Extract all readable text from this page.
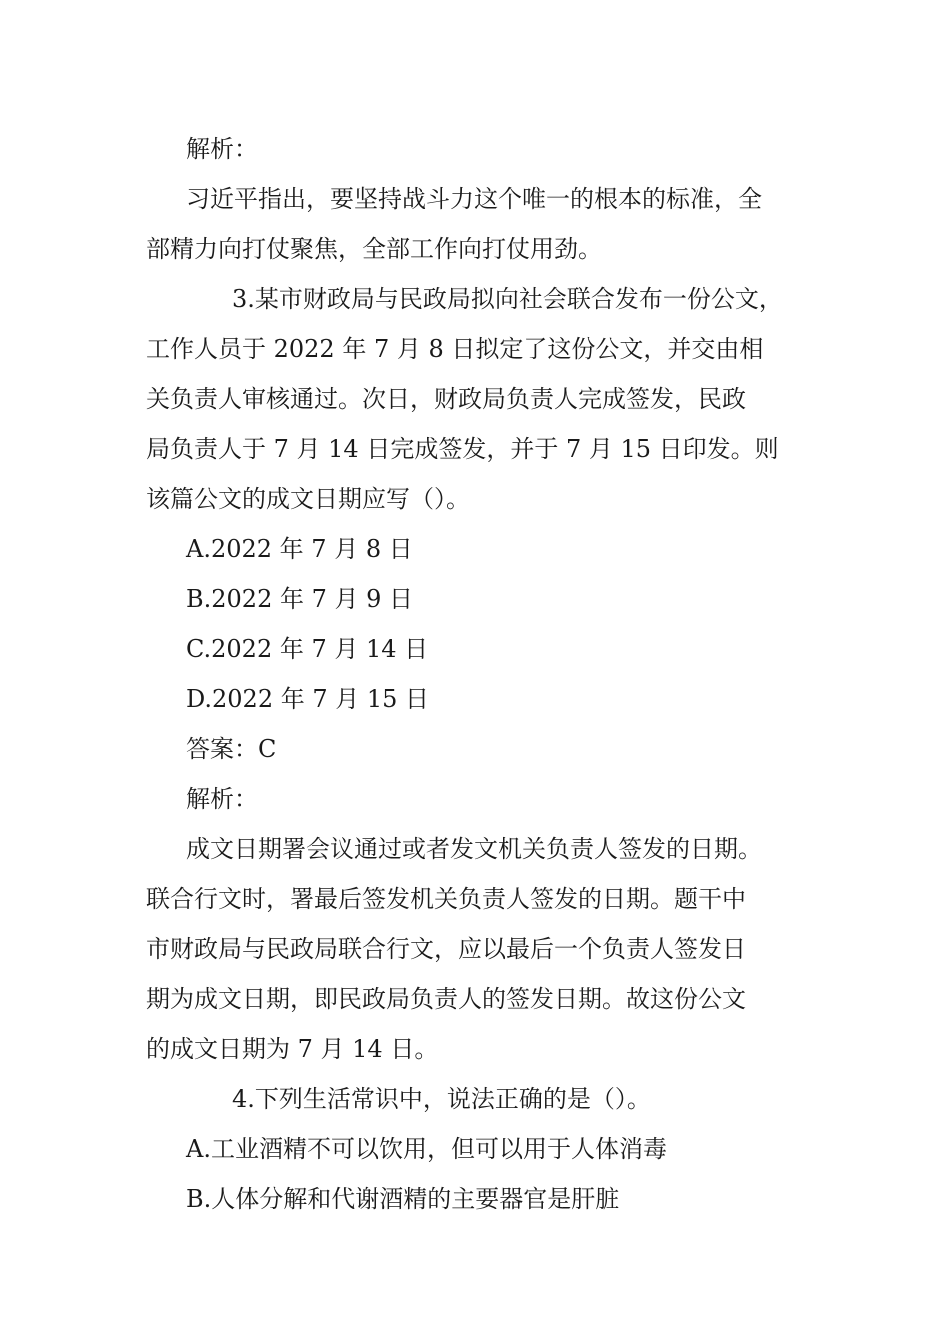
解析：
习近平指出，要坚持战斗力这个唯一的根本的标准，全
部精力向打仗聚焦，全部工作向打仗用劲。
3.某市财政局与民政局拟向社会联合发布一份公文，
工作人员于 2022 年 7 月 8 日拟定了这份公文，并交由相
关负责人审核通过。次日，财政局负责人完成签发，民政
局负责人于 7 月 14 日完成签发，并于 7 月 15 日印发。则
该篇公文的成文日期应写（）。
A.2022 年 7 月 8 日
B.2022 年 7 月 9 日
C.2022 年 7 月 14 日
D.2022 年 7 月 15 日
答案：C
解析：
成文日期署会议通过或者发文机关负责人签发的日期。
联合行文时，署最后签发机关负责人签发的日期。题干中
市财政局与民政局联合行文，应以最后一个负责人签发日
期为成文日期，即民政局负责人的签发日期。故这份公文
的成文日期为 7 月 14 日。
4.下列生活常识中，说法正确的是（）。
A.工业酒精不可以饮用，但可以用于人体消毒
B.人体分解和代谢酒精的主要器官是肝脏
